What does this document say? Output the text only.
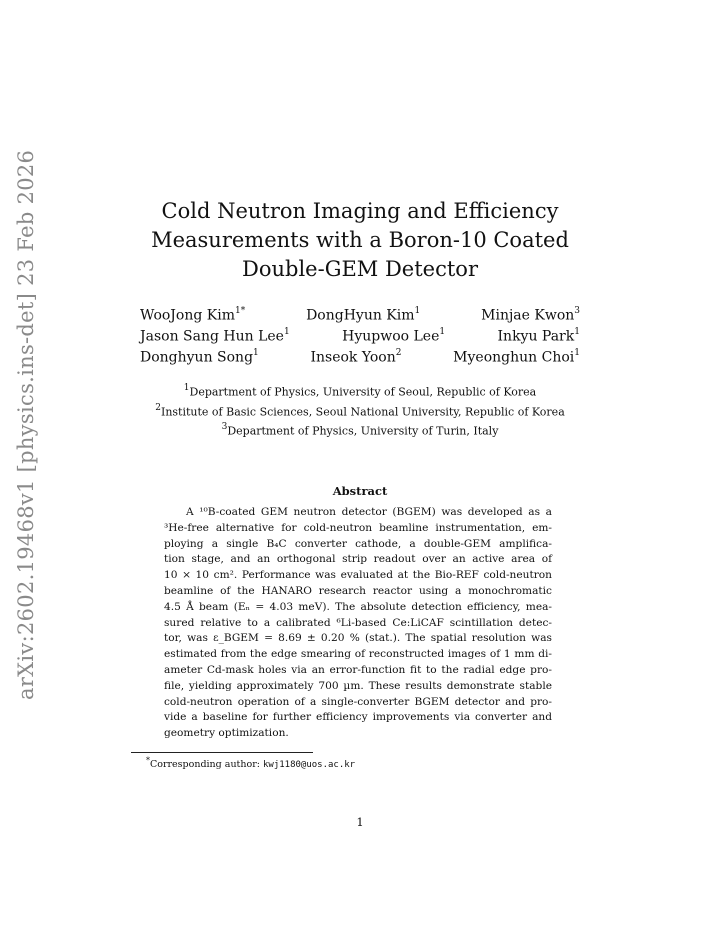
arXiv:2602.19468v1 [physics.ins-det] 23 Feb 2026	Cold Neutron Imaging and Efficiency
Measurements with a Boron-10 Coated
Double-GEM Detector
WooJong Kim$^{1*}$	DongHyun Kim$^1$	Minjae Kwon$^3$
Jason Sang Hun Lee$^1$	Hyupwoo Lee$^1$	Inkyu Park$^1$
Donghyun Song$^1$	Inseok Yoon$^2$	Myeonghun Choi$^1$
$^1$Department of Physics, University of Seoul, Republic of Korea
$^2$Institute of Basic Sciences, Seoul National University, Republic of Korea
$^3$Department of Physics, University of Turin, Italy
Abstract
A ¹⁰B-coated GEM neutron detector (BGEM) was developed as a
³He-free alternative for cold-neutron beamline instrumentation, em-
ploying a single B₄C converter cathode, a double-GEM amplifica-
tion stage, and an orthogonal strip readout over an active area of
10 × 10 cm². Performance was evaluated at the Bio-REF cold-neutron
beamline of the HANARO research reactor using a monochromatic
4.5 Å beam (Eₙ = 4.03 meV). The absolute detection efficiency, mea-
sured relative to a calibrated ⁶Li-based Ce:LiCAF scintillation detec-
tor, was ε_BGEM = 8.69 ± 0.20 % (stat.). The spatial resolution was
estimated from the edge smearing of reconstructed images of 1 mm di-
ameter Cd-mask holes via an error-function fit to the radial edge pro-
file, yielding approximately 700 µm. These results demonstrate stable
cold-neutron operation of a single-converter BGEM detector and pro-
vide a baseline for further efficiency improvements via converter and
geometry optimization.
*Corresponding author: kwj1180@uos.ac.kr
1
